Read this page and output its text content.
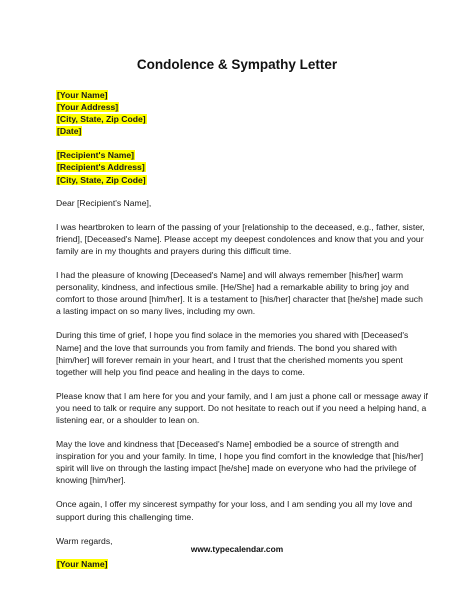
Condolence & Sympathy Letter
[Your Name]
[Your Address]
[City, State, Zip Code]
[Date]
[Recipient's Name]
[Recipient's Address]
[City, State, Zip Code]

Dear [Recipient's Name],

I was heartbroken to learn of the passing of your [relationship to the deceased, e.g., father, sister, friend], [Deceased's Name]. Please accept my deepest condolences and know that you and your family are in my thoughts and prayers during this difficult time.

I had the pleasure of knowing [Deceased's Name] and will always remember [his/her] warm personality, kindness, and infectious smile. [He/She] had a remarkable ability to bring joy and comfort to those around [him/her]. It is a testament to [his/her] character that [he/she] made such a lasting impact on so many lives, including my own.

During this time of grief, I hope you find solace in the memories you shared with [Deceased's Name] and the love that surrounds you from family and friends. The bond you shared with [him/her] will forever remain in your heart, and I trust that the cherished moments you spent together will help you find peace and healing in the days to come.

Please know that I am here for you and your family, and I am just a phone call or message away if you need to talk or require any support. Do not hesitate to reach out if you need a helping hand, a listening ear, or a shoulder to lean on.

May the love and kindness that [Deceased's Name] embodied be a source of strength and inspiration for you and your family. In time, I hope you find comfort in the knowledge that [his/her] spirit will live on through the lasting impact [he/she] made on everyone who had the privilege of knowing [him/her].

Once again, I offer my sincerest sympathy for your loss, and I am sending you all my love and support during this challenging time.

Warm regards,

[Your Name]
www.typecalendar.com
